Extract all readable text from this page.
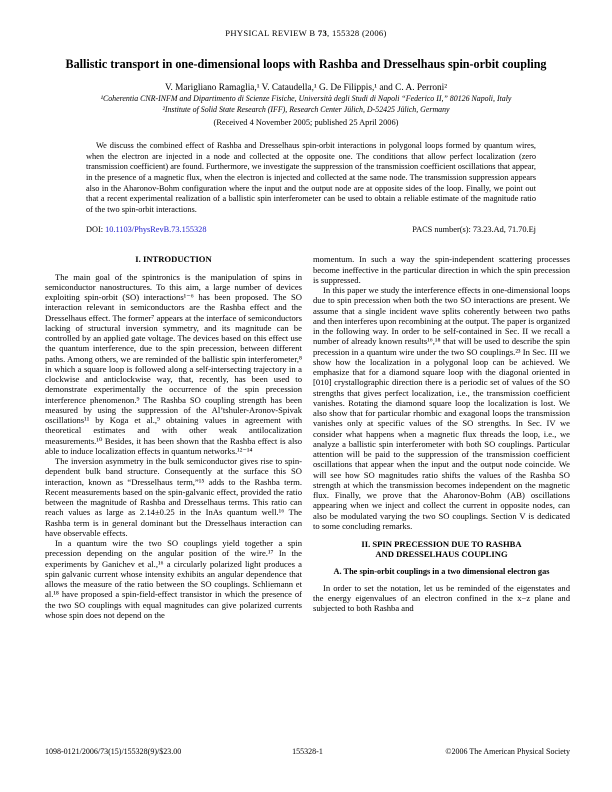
PHYSICAL REVIEW B 73, 155328 (2006)
Ballistic transport in one-dimensional loops with Rashba and Dresselhaus spin-orbit coupling
V. Marigliano Ramaglia,¹ V. Cataudella,¹ G. De Filippis,¹ and C. A. Perroni²
¹Coherentia CNR-INFM and Dipartimento di Scienze Fisiche, Università degli Studi di Napoli “Federico II,” 80126 Napoli, Italy
²Institute of Solid State Research (IFF), Research Center Jülich, D-52425 Jülich, Germany
(Received 4 November 2005; published 25 April 2006)
We discuss the combined effect of Rashba and Dresselhaus spin-orbit interactions in polygonal loops formed by quantum wires, when the electron are injected in a node and collected at the opposite one. The conditions that allow perfect localization (zero transmission coefficient) are found. Furthermore, we investigate the suppression of the transmission coefficient oscillations that appear, in the presence of a magnetic flux, when the electron is injected and collected at the same node. The transmission suppression appears also in the Aharonov-Bohm configuration where the input and the output node are at opposite sides of the loop. Finally, we point out that a recent experimental realization of a ballistic spin interferometer can be used to obtain a reliable estimate of the magnitude ratio of the two spin-orbit interactions.
DOI: 10.1103/PhysRevB.73.155328	PACS number(s): 73.23.Ad, 71.70.Ej
I. INTRODUCTION

The main goal of the spintronics is the manipulation of spins in semiconductor nanostructures. To this aim, a large number of devices exploiting spin-orbit (SO) interactions¹⁻⁶ has been proposed. The SO interaction relevant in semiconductors are the Rashba effect and the Dresselhaus effect. The former⁷ appears at the interface of semiconductors lacking of structural inversion symmetry, and its magnitude can be controlled by an applied gate voltage. The devices based on this effect use the quantum interference, due to the spin precession, between different paths. Among others, we are reminded of the ballistic spin interferometer,⁸ in which a square loop is followed along a self-intersecting trajectory in a clockwise and anticlockwise way, that, recently, has been used to demonstrate experimentally the occurrence of the spin precession interference phenomenon.⁹ The Rashba SO coupling strength has been measured by using the suppression of the Al’tshuler-Aronov-Spivak oscillations¹¹ by Koga et al.,⁹ obtaining values in agreement with theoretical estimates and with other weak antilocalization measurements.¹⁰ Besides, it has been shown that the Rashba effect is also able to induce localization effects in quantum networks.¹²⁻¹⁴

The inversion asymmetry in the bulk semiconductor gives rise to spin-dependent bulk band structure. Consequently at the surface this SO interaction, known as “Dresselhaus term,”¹⁵ adds to the Rashba term. Recent measurements based on the spin-galvanic effect, provided the ratio between the magnitude of Rashba and Dresselhaus terms. This ratio can reach values as large as 2.14±0.25 in the InAs quantum well.¹⁶ The Rashba term is in general dominant but the Dresselhaus interaction can have observable effects.

In a quantum wire the two SO couplings yield together a spin precession depending on the angular position of the wire.¹⁷ In the experiments by Ganichev et al.,¹⁶ a circularly polarized light produces a spin galvanic current whose intensity exhibits an angular dependence that allows the measure of the ratio between the SO couplings. Schliemann et al.¹⁸ have proposed a spin-field-effect transistor in which the presence of the two SO couplings with equal magnitudes can give polarized currents whose spin does not depend on the

momentum. In such a way the spin-independent scattering processes become ineffective in the particular direction in which the spin precession is suppressed.

In this paper we study the interference effects in one-dimensional loops due to spin precession when both the two SO interactions are present. We assume that a single incident wave splits coherently between two paths and then interferes upon recombining at the output. The paper is organized in the following way. In order to be self-contained in Sec. II we recall a number of already known results¹⁶,¹⁸ that will be used to describe the spin precession in a quantum wire under the two SO couplings.²³ In Sec. III we show how the localization in a polygonal loop can be achieved. We emphasize that for a diamond square loop with the diagonal oriented in [010] crystallographic direction there is a periodic set of values of the SO strengths that gives perfect localization, i.e., the transmission coefficient vanishes. Rotating the diamond square loop the localization is lost. We also show that for particular rhombic and exagonal loops the transmission vanishes only at specific values of the SO strengths. In Sec. IV we consider what happens when a magnetic flux threads the loop, i.e., we analyze a ballistic spin interferometer with both SO couplings. Particular attention will be paid to the suppression of the transmission coefficient oscillations that appear when the input and the output node coincide. We will see how SO magnitudes ratio shifts the values of the Rashba SO strength at which the transmission becomes independent on the magnetic flux. Finally, we prove that the Aharonov-Bohm (AB) oscillations appearing when we inject and collect the current in opposite nodes, can also be modulated varying the two SO couplings. Section V is dedicated to some concluding remarks.

II. SPIN PRECESSION DUE TO RASHBA
AND DRESSELHAUS COUPLING
A. The spin-orbit couplings in a two dimensional electron gas

In order to set the notation, let us be reminded of the eigenstates and the energy eigenvalues of an electron confined in the x−z plane and subjected to both Rashba and

1098-0121/2006/73(15)/155328(9)/$23.00	155328-1	©2006 The American Physical Society
